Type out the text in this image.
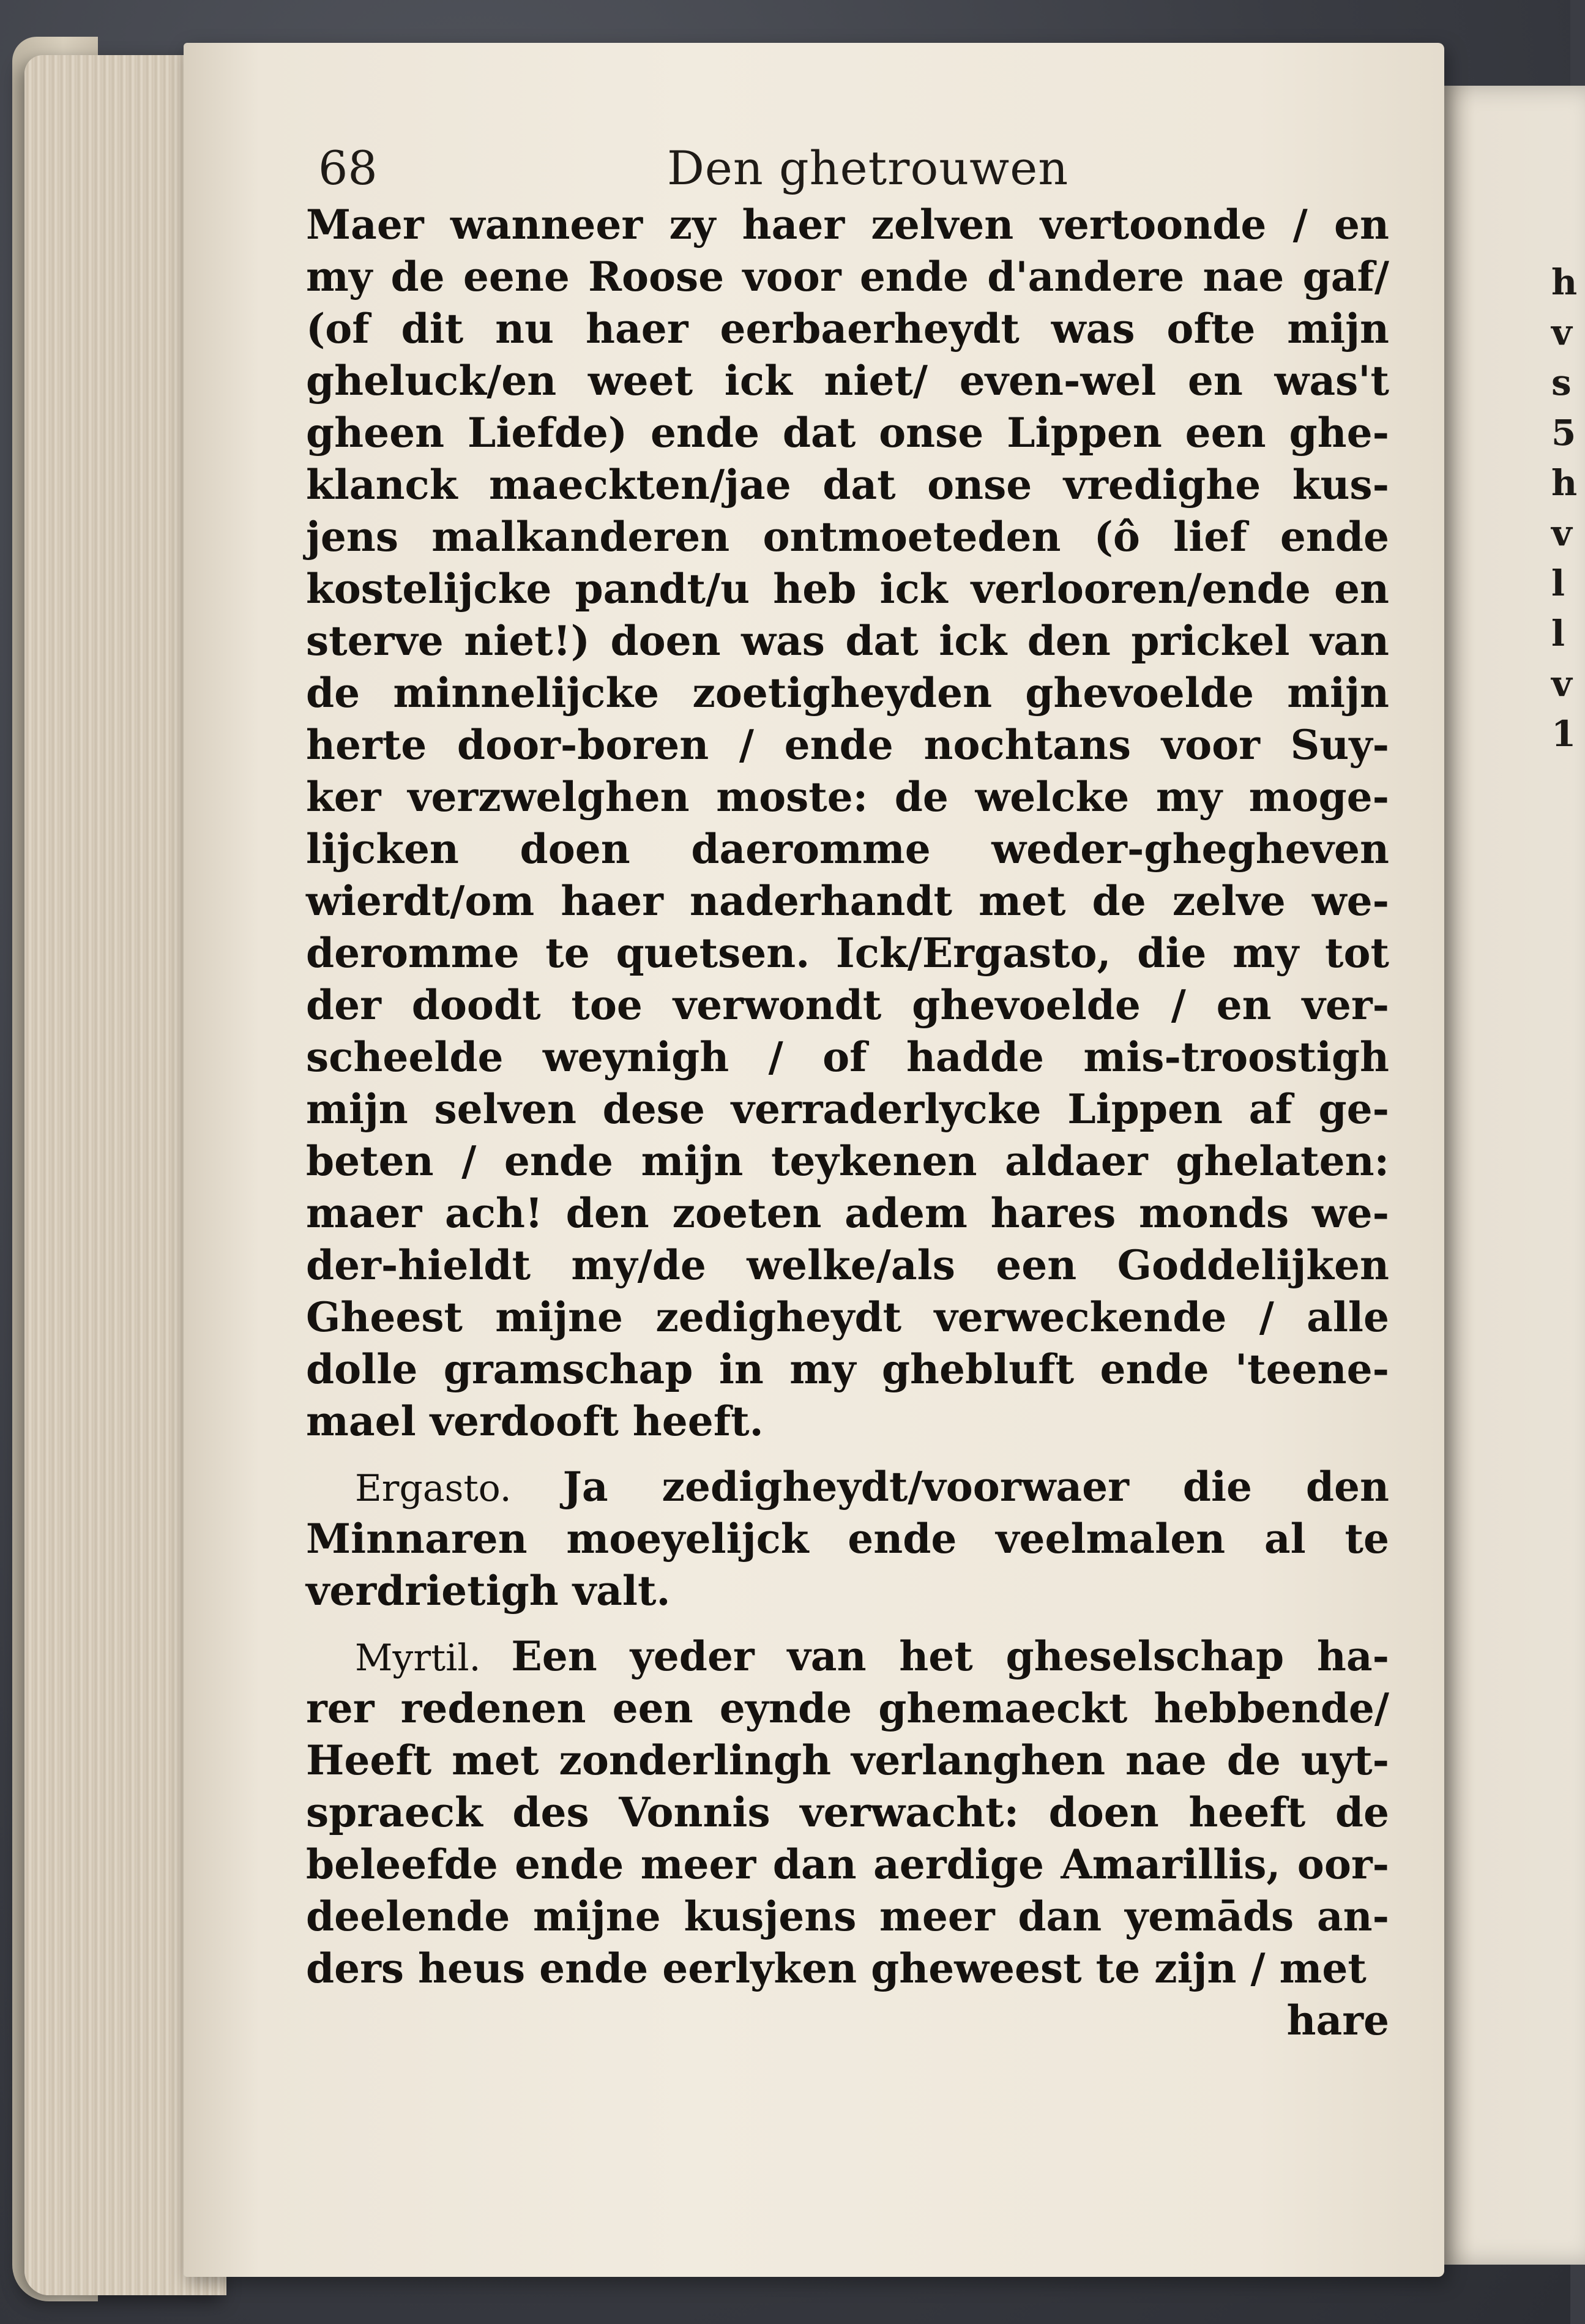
h
v
s
5
h
v
l
l
v
1
68	Den ghetrouwen
Maer wanneer zy haer zelven vertoonde / en
my de eene Roose voor ende d'andere nae gaf/
(of dit nu haer eerbaerheydt was ofte mijn
gheluck/en weet ick niet/ even-wel en was't
gheen Liefde) ende dat onse Lippen een ghe-
klanck maeckten/jae dat onse vredighe kus-
jens malkanderen ontmoeteden (ô lief ende
kostelijcke pandt/u heb ick verlooren/ende en
sterve niet!) doen was dat ick den prickel van
de minnelijcke zoetigheyden ghevoelde mijn
herte door-boren / ende nochtans voor Suy-
ker verzwelghen moste: de welcke my moge-
lijcken doen daeromme weder-ghegheven
wierdt/om haer naderhandt met de zelve we-
deromme te quetsen. Ick/Ergasto, die my tot
der doodt toe verwondt ghevoelde / en ver-
scheelde weynigh / of hadde mis-troostigh
mijn selven dese verraderlycke Lippen af ge-
beten / ende mijn teykenen aldaer ghelaten:
maer ach! den zoeten adem hares monds we-
der-hieldt my/de welke/als een Goddelijken
Gheest mijne zedigheydt verweckende / alle
dolle gramschap in my ghebluft ende 'teene-
mael verdooft heeft.
Ergasto. Ja zedigheydt/voorwaer die den
Minnaren moeyelijck ende veelmalen al te
verdrietigh valt.
Myrtil. Een yeder van het gheselschap ha-
rer redenen een eynde ghemaeckt hebbende/
Heeft met zonderlingh verlanghen nae de uyt-
spraeck des Vonnis verwacht: doen heeft de
beleefde ende meer dan aerdige Amarillis, oor-
deelende mijne kusjens meer dan yemāds an-
ders heus ende eerlyken gheweest te zijn / met
hare
